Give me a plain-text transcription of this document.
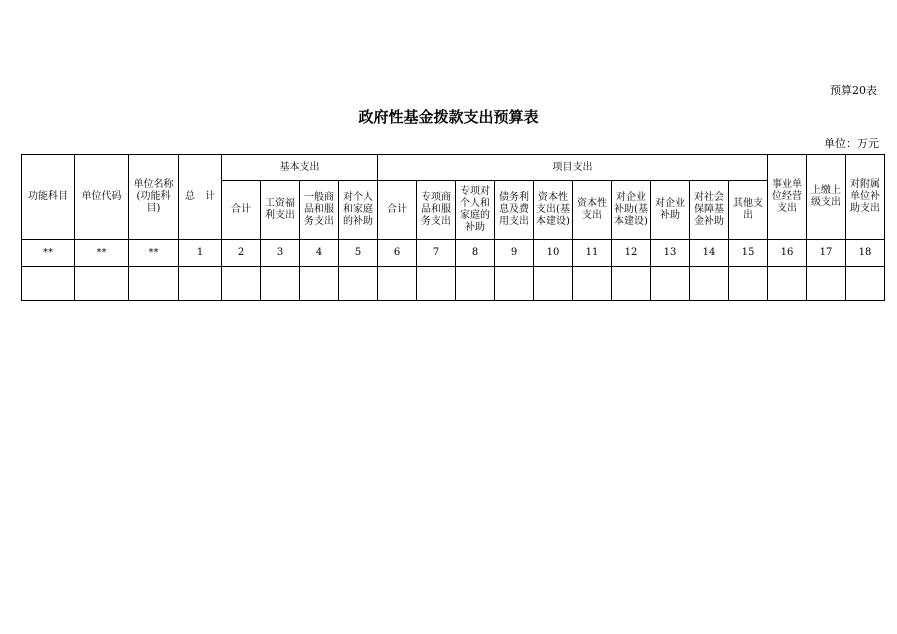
预算20表
政府性基金拨款支出预算表
单位：万元
功能科目	单位代码	单位名称(功能科目)	总　计	基本支出				项目支出										事业单位经营支出	上缴上级支出	对附属单位补助支出
				合计	工资福利支出	一般商品和服务支出	对个人和家庭的补助	合计	专项商品和服务支出	专项对个人和家庭的补助	债务利息及费用支出	资本性支出(基本建设)	资本性支出	对企业补助(基本建设)	对企业补助	对社会保障基金补助	其他支出			
**	**	**	1	2	3	4	5	6	7	8	9	10	11	12	13	14	15	16	17	18
